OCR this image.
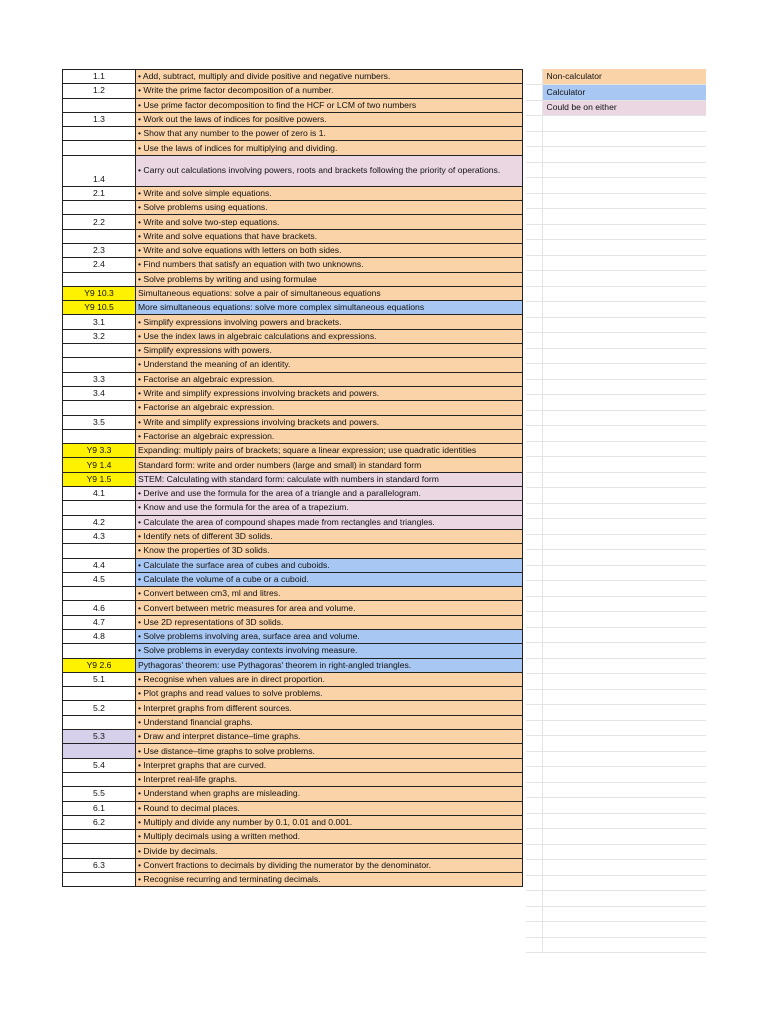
1.1	• Add, subtract, multiply and divide positive and negative numbers.
1.2	• Write the prime factor decomposition of a number.
	• Use prime factor decomposition to find the HCF or LCM of two numbers
1.3	• Work out the laws of indices for positive powers.
	• Show that any number to the power of zero is 1.
	• Use the laws of indices for multiplying and dividing.
1.4	• Carry out calculations involving powers, roots and brackets following the priority of operations.
2.1	• Write and solve simple equations.
	• Solve problems using equations.
2.2	• Write and solve two-step equations.
	• Write and solve equations that have brackets.
2.3	• Write and solve equations with letters on both sides.
2.4	• Find numbers that satisfy an equation with two unknowns.
	• Solve problems by writing and using formulae
Y9 10.3	Simultaneous equations: solve a pair of simultaneous equations
Y9 10.5	More simultaneous equations: solve more complex simultaneous equations
3.1	• Simplify expressions involving powers and brackets.
3.2	• Use the index laws in algebraic calculations and expressions.
	• Simplify expressions with powers.
	• Understand the meaning of an identity.
3.3	• Factorise an algebraic expression.
3.4	• Write and simplify expressions involving brackets and powers.
	• Factorise an algebraic expression.
3.5	• Write and simplify expressions involving brackets and powers.
	• Factorise an algebraic expression.
Y9 3.3	Expanding: multiply pairs of brackets; square a linear expression; use quadratic identities
Y9 1.4	Standard form: write and order numbers (large and small) in standard form
Y9 1.5	STEM: Calculating with standard form: calculate with numbers in standard form
4.1	• Derive and use the formula for the area of a triangle and a parallelogram.
	• Know and use the formula for the area of a trapezium.
4.2	• Calculate the area of compound shapes made from rectangles and triangles.
4.3	• Identify nets of different 3D solids.
	• Know the properties of 3D solids.
4.4	• Calculate the surface area of cubes and cuboids.
4.5	• Calculate the volume of a cube or a cuboid.
	• Convert between cm3, ml and litres.
4.6	• Convert between metric measures for area and volume.
4.7	• Use 2D representations of 3D solids.
4.8	• Solve problems involving area, surface area and volume.
	• Solve problems in everyday contexts involving measure.
Y9 2.6	Pythagoras' theorem: use Pythagoras' theorem in right-angled triangles.
5.1	• Recognise when values are in direct proportion.
	• Plot graphs and read values to solve problems.
5.2	• Interpret graphs from different sources.
	• Understand financial graphs.
5.3	• Draw and interpret distance–time graphs.
	• Use distance–time graphs to solve problems.
5.4	• Interpret graphs that are curved.
	• Interpret real-life graphs.
5.5	• Understand when graphs are misleading.
6.1	• Round to decimal places.
6.2	• Multiply and divide any number by 0.1, 0.01 and 0.001.
	• Multiply decimals using a written method.
	• Divide by decimals.
6.3	• Convert fractions to decimals by dividing the numerator by the denominator.
	• Recognise recurring and terminating decimals.
	Non-calculator
	Calculator
	Could be on either
